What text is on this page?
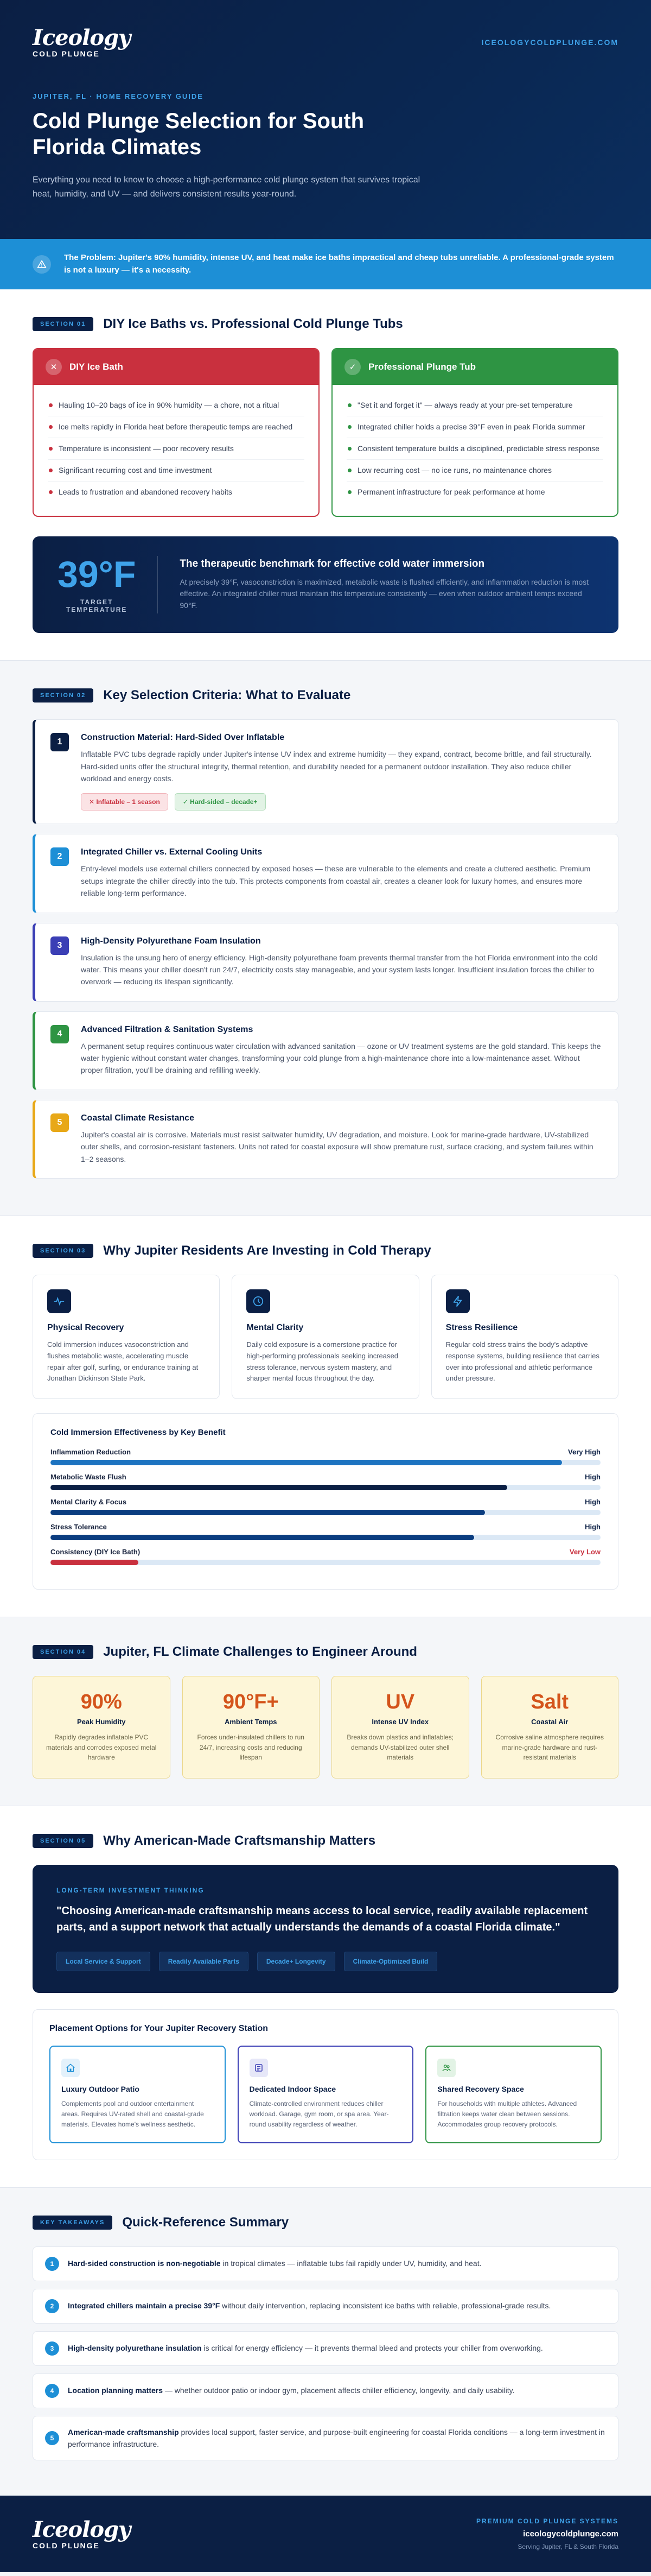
Iceology
COLD PLUNGE
ICEOLOGYCOLDPLUNGE.COM
JUPITER, FL · HOME RECOVERY GUIDE
Cold Plunge Selection for South Florida Climates

Everything you need to know to choose a high-performance cold plunge system that survives tropical heat, humidity, and UV — and delivers consistent results year-round.

The Problem: Jupiter's 90% humidity, intense UV, and heat make ice baths impractical and cheap tubs unreliable. A professional-grade system is not a luxury — it's a necessity.
SECTION 01	DIY Ice Baths vs. Professional Cold Plunge Tubs
✕	DIY Ice Bath
Hauling 10–20 bags of ice in 90% humidity — a chore, not a ritual
Ice melts rapidly in Florida heat before therapeutic temps are reached
Temperature is inconsistent — poor recovery results
Significant recurring cost and time investment
Leads to frustration and abandoned recovery habits
✓	Professional Plunge Tub
"Set it and forget it" — always ready at your pre-set temperature
Integrated chiller holds a precise 39°F even in peak Florida summer
Consistent temperature builds a disciplined, predictable stress response
Low recurring cost — no ice runs, no maintenance chores
Permanent infrastructure for peak performance at home
39°F
TARGET TEMPERATURE
The therapeutic benchmark for effective cold water immersion

At precisely 39°F, vasoconstriction is maximized, metabolic waste is flushed efficiently, and inflammation reduction is most effective. An integrated chiller must maintain this temperature consistently — even when outdoor ambient temps exceed 90°F.

SECTION 02	Key Selection Criteria: What to Evaluate
1	Construction Material: Hard-Sided Over Inflatable

Inflatable PVC tubs degrade rapidly under Jupiter's intense UV index and extreme humidity — they expand, contract, become brittle, and fail structurally. Hard-sided units offer the structural integrity, thermal retention, and durability needed for a permanent outdoor installation. They also reduce chiller workload and energy costs.

✕ Inflatable – 1 season	✓ Hard-sided – decade+
2	Integrated Chiller vs. External Cooling Units

Entry-level models use external chillers connected by exposed hoses — these are vulnerable to the elements and create a cluttered aesthetic. Premium setups integrate the chiller directly into the tub. This protects components from coastal air, creates a cleaner look for luxury homes, and ensures more reliable long-term performance.

3	High-Density Polyurethane Foam Insulation

Insulation is the unsung hero of energy efficiency. High-density polyurethane foam prevents thermal transfer from the hot Florida environment into the cold water. This means your chiller doesn't run 24/7, electricity costs stay manageable, and your system lasts longer. Insufficient insulation forces the chiller to overwork — reducing its lifespan significantly.

4	Advanced Filtration & Sanitation Systems

A permanent setup requires continuous water circulation with advanced sanitation — ozone or UV treatment systems are the gold standard. This keeps the water hygienic without constant water changes, transforming your cold plunge from a high-maintenance chore into a low-maintenance asset. Without proper filtration, you'll be draining and refilling weekly.

5	Coastal Climate Resistance

Jupiter's coastal air is corrosive. Materials must resist saltwater humidity, UV degradation, and moisture. Look for marine-grade hardware, UV-stabilized outer shells, and corrosion-resistant fasteners. Units not rated for coastal exposure will show premature rust, surface cracking, and system failures within 1–2 seasons.

SECTION 03	Why Jupiter Residents Are Investing in Cold Therapy
Physical Recovery

Cold immersion induces vasoconstriction and flushes metabolic waste, accelerating muscle repair after golf, surfing, or endurance training at Jonathan Dickinson State Park.

Mental Clarity

Daily cold exposure is a cornerstone practice for high-performing professionals seeking increased stress tolerance, nervous system mastery, and sharper mental focus throughout the day.

Stress Resilience

Regular cold stress trains the body's adaptive response systems, building resilience that carries over into professional and athletic performance under pressure.

Cold Immersion Effectiveness by Key Benefit
Inflammation Reduction	Very High
Metabolic Waste Flush	High
Mental Clarity & Focus	High
Stress Tolerance	High
Consistency (DIY Ice Bath)	Very Low
SECTION 04	Jupiter, FL Climate Challenges to Engineer Around
90%
Peak Humidity
Rapidly degrades inflatable PVC materials and corrodes exposed metal hardware
90°F+
Ambient Temps
Forces under-insulated chillers to run 24/7, increasing costs and reducing lifespan
UV
Intense UV Index
Breaks down plastics and inflatables; demands UV-stabilized outer shell materials
Salt
Coastal Air
Corrosive saline atmosphere requires marine-grade hardware and rust-resistant materials
SECTION 05	Why American-Made Craftsmanship Matters
LONG-TERM INVESTMENT THINKING
"Choosing American-made craftsmanship means access to local service, readily available replacement parts, and a support network that actually understands the demands of a coastal Florida climate."
Local Service & Support	Readily Available Parts	Decade+ Longevity	Climate-Optimized Build
Placement Options for Your Jupiter Recovery Station
Luxury Outdoor Patio

Complements pool and outdoor entertainment areas. Requires UV-rated shell and coastal-grade materials. Elevates home's wellness aesthetic.

Dedicated Indoor Space

Climate-controlled environment reduces chiller workload. Garage, gym room, or spa area. Year-round usability regardless of weather.

Shared Recovery Space

For households with multiple athletes. Advanced filtration keeps water clean between sessions. Accommodates group recovery protocols.

KEY TAKEAWAYS	Quick-Reference Summary
1	Hard-sided construction is non-negotiable in tropical climates — inflatable tubs fail rapidly under UV, humidity, and heat.

2	Integrated chillers maintain a precise 39°F without daily intervention, replacing inconsistent ice baths with reliable, professional-grade results.

3	High-density polyurethane insulation is critical for energy efficiency — it prevents thermal bleed and protects your chiller from overworking.

4	Location planning matters — whether outdoor patio or indoor gym, placement affects chiller efficiency, longevity, and daily usability.

5

American-made craftsmanship provides local support, faster service, and purpose-built engineering for coastal Florida conditions — a long-term investment in performance infrastructure.

Iceology
COLD PLUNGE
PREMIUM COLD PLUNGE SYSTEMS
iceologycoldplunge.com
Serving Jupiter, FL & South Florida
